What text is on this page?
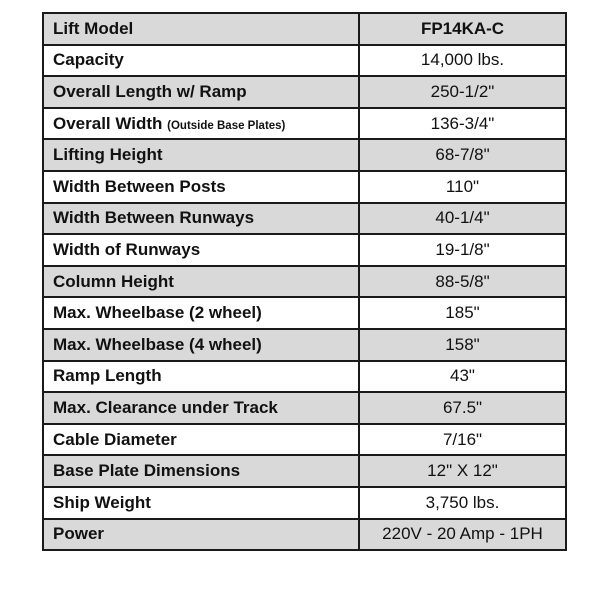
Lift Model	FP14KA-C
Capacity	14,000 lbs.
Overall Length w/ Ramp	250-1/2"
Overall Width (Outside Base Plates)	136-3/4"
Lifting Height	68-7/8"
Width Between Posts	110"
Width Between Runways	40-1/4"
Width of Runways	19-1/8"
Column Height	88-5/8"
Max. Wheelbase (2 wheel)	185"
Max. Wheelbase (4 wheel)	158"
Ramp Length	43"
Max. Clearance under Track	67.5"
Cable Diameter	7/16"
Base Plate Dimensions	12" X 12"
Ship Weight	3,750 lbs.
Power	220V - 20 Amp - 1PH
